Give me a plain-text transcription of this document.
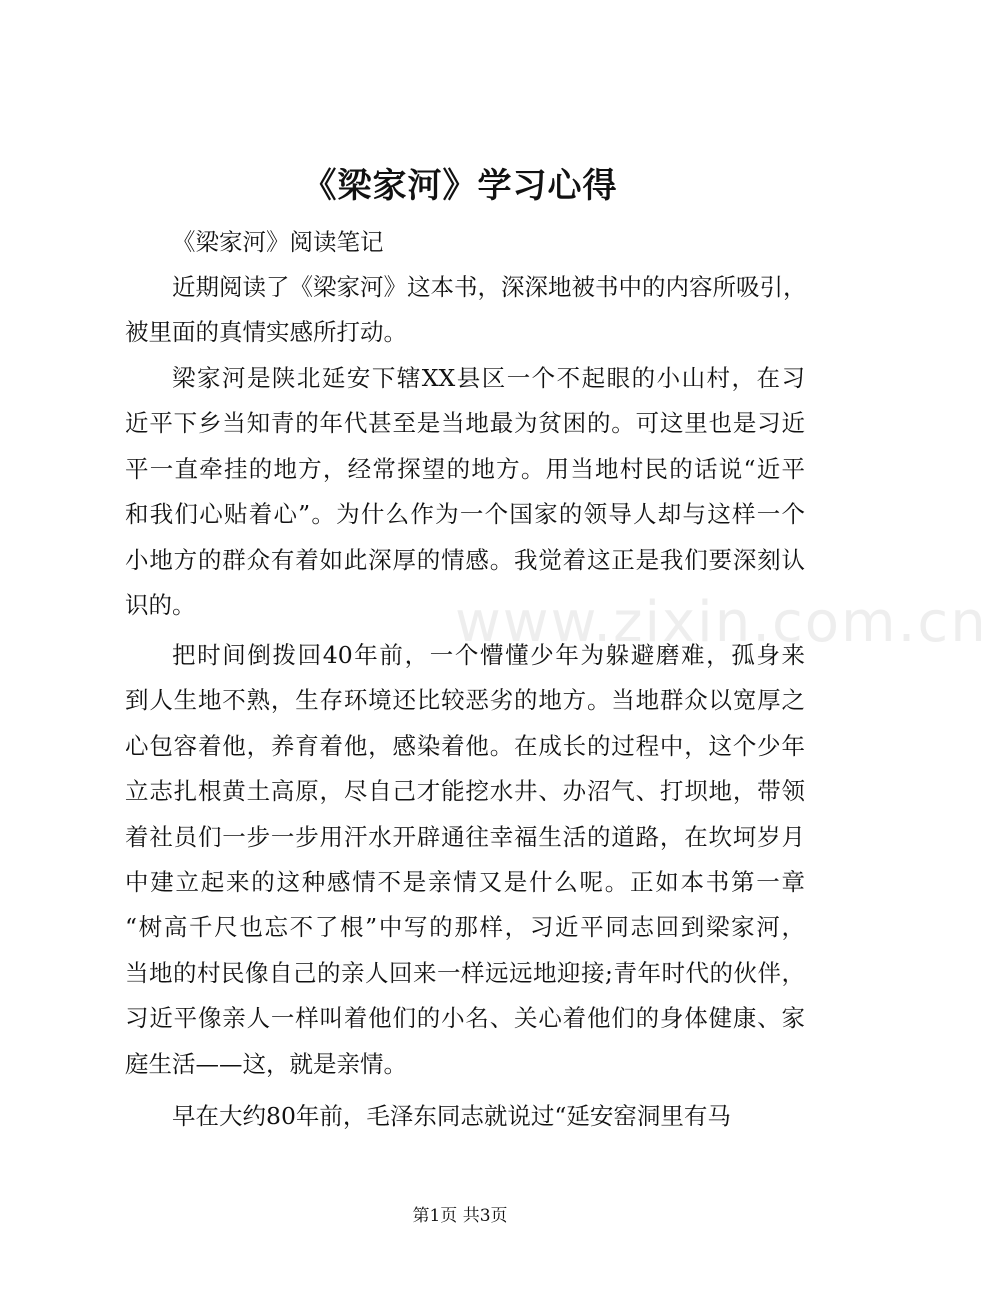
《梁家河》学习心得
《梁家河》阅读笔记
近期阅读了《梁家河》这本书，深深地被书中的内容所吸引，
被里面的真情实感所打动。
梁家河是陕北延安下辖XX县区一个不起眼的小山村，在习
近平下乡当知青的年代甚至是当地最为贫困的。可这里也是习近
平一直牵挂的地方，经常探望的地方。用当地村民的话说“近平
和我们心贴着心”。为什么作为一个国家的领导人却与这样一个
小地方的群众有着如此深厚的情感。我觉着这正是我们要深刻认
识的。
把时间倒拨回40年前，一个懵懂少年为躲避磨难，孤身来
到人生地不熟，生存环境还比较恶劣的地方。当地群众以宽厚之
心包容着他，养育着他，感染着他。在成长的过程中，这个少年
立志扎根黄土高原，尽自己才能挖水井、办沼气、打坝地，带领
着社员们一步一步用汗水开辟通往幸福生活的道路，在坎坷岁月
中建立起来的这种感情不是亲情又是什么呢。正如本书第一章
“树高千尺也忘不了根”中写的那样，习近平同志回到梁家河，
当地的村民像自己的亲人回来一样远远地迎接;青年时代的伙伴，
习近平像亲人一样叫着他们的小名、关心着他们的身体健康、家
庭生活——这，就是亲情。
早在大约80年前，毛泽东同志就说过“延安窑洞里有马
www.zixin.com.cn
第1页 共3页
